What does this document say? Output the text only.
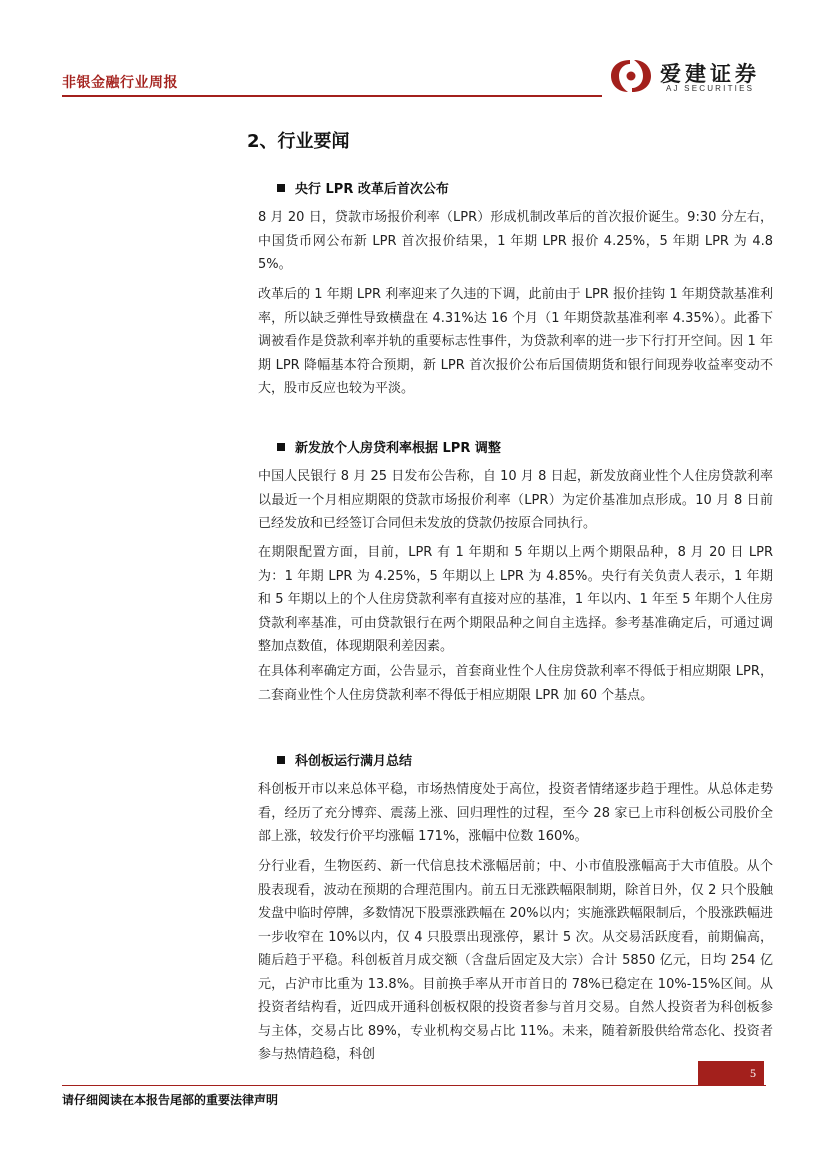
非银金融行业周报	爱建证券
AJ SECURITIES
2、行业要闻
央行 LPR 改革后首次公布
8 月 20 日，贷款市场报价利率（LPR）形成机制改革后的首次报价诞生。9:30 分左右，中国货币网公布新 LPR 首次报价结果，1 年期 LPR 报价 4.25%，5 年期 LPR 为 4.85%。
改革后的 1 年期 LPR 利率迎来了久违的下调，此前由于 LPR 报价挂钩 1 年期贷款基准利率，所以缺乏弹性导致横盘在 4.31%达 16 个月（1 年期贷款基准利率 4.35%）。此番下调被看作是贷款利率并轨的重要标志性事件，为贷款利率的进一步下行打开空间。因 1 年期 LPR 降幅基本符合预期，新 LPR 首次报价公布后国债期货和银行间现券收益率变动不大，股市反应也较为平淡。
新发放个人房贷利率根据 LPR 调整
中国人民银行 8 月 25 日发布公告称，自 10 月 8 日起，新发放商业性个人住房贷款利率以最近一个月相应期限的贷款市场报价利率（LPR）为定价基准加点形成。10 月 8 日前已经发放和已经签订合同但未发放的贷款仍按原合同执行。
在期限配置方面，目前，LPR 有 1 年期和 5 年期以上两个期限品种，8 月 20 日 LPR 为：1 年期 LPR 为 4.25%，5 年期以上 LPR 为 4.85%。央行有关负责人表示，1 年期和 5 年期以上的个人住房贷款利率有直接对应的基准，1 年以内、1 年至 5 年期个人住房贷款利率基准，可由贷款银行在两个期限品种之间自主选择。参考基准确定后，可通过调整加点数值，体现期限利差因素。
在具体利率确定方面，公告显示，首套商业性个人住房贷款利率不得低于相应期限 LPR，二套商业性个人住房贷款利率不得低于相应期限 LPR 加 60 个基点。
科创板运行满月总结
科创板开市以来总体平稳，市场热情度处于高位，投资者情绪逐步趋于理性。从总体走势看，经历了充分博弈、震荡上涨、回归理性的过程，至今 28 家已上市科创板公司股价全部上涨，较发行价平均涨幅 171%，涨幅中位数 160%。
分行业看，生物医药、新一代信息技术涨幅居前；中、小市值股涨幅高于大市值股。从个股表现看，波动在预期的合理范围内。前五日无涨跌幅限制期，除首日外，仅 2 只个股触发盘中临时停牌，多数情况下股票涨跌幅在 20%以内；实施涨跌幅限制后，个股涨跌幅进一步收窄在 10%以内，仅 4 只股票出现涨停，累计 5 次。从交易活跃度看，前期偏高，随后趋于平稳。科创板首月成交额（含盘后固定及大宗）合计 5850 亿元，日均 254 亿元，占沪市比重为 13.8%。目前换手率从开市首日的 78%已稳定在 10%-15%区间。从投资者结构看，近四成开通科创板权限的投资者参与首月交易。自然人投资者为科创板参与主体，交易占比 89%，专业机构交易占比 11%。未来，随着新股供给常态化、投资者参与热情趋稳，科创
5
请仔细阅读在本报告尾部的重要法律声明
